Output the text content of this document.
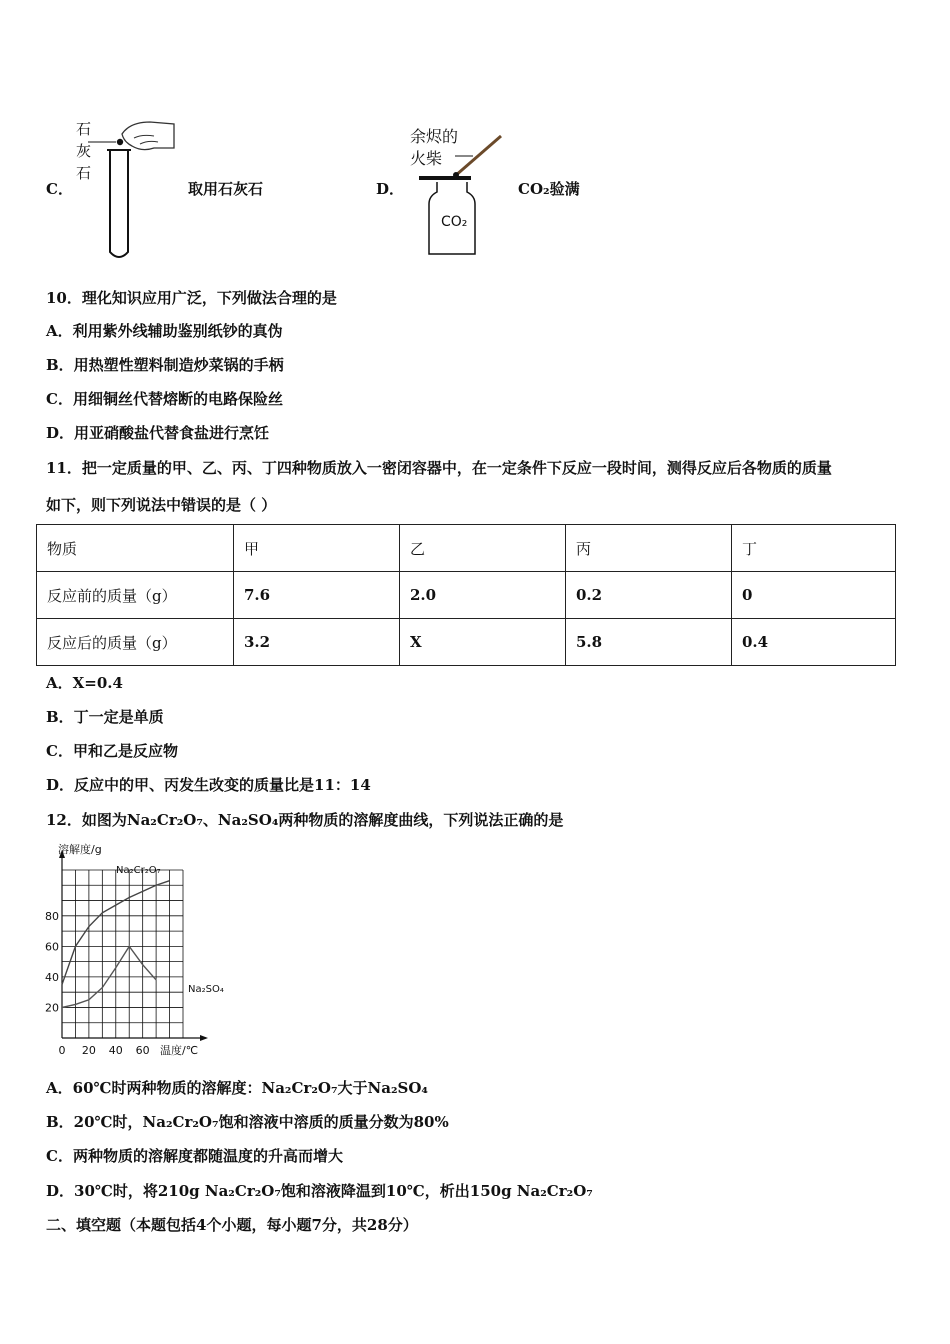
C．
石
灰
石
取用石灰石	D．
余烬的
火柴
CO₂
CO₂验满
10．理化知识应用广泛，下列做法合理的是
A．利用紫外线辅助鉴别纸钞的真伪
B．用热塑性塑料制造炒菜锅的手柄
C．用细铜丝代替熔断的电路保险丝
D．用亚硝酸盐代替食盐进行烹饪
11．把一定质量的甲、乙、丙、丁四种物质放入一密闭容器中，在一定条件下反应一段时间，测得反应后各物质的质量
如下，则下列说法中错误的是（ ）
物质	甲	乙	丙	丁
反应前的质量（g）	7.6	2.0	0.2	0
反应后的质量（g）	3.2	X	5.8	0.4
A．X=0.4
B．丁一定是单质
C．甲和乙是反应物
D．反应中的甲、丙发生改变的质量比是11：14
12．如图为Na₂Cr₂O₇、Na₂SO₄两种物质的溶解度曲线，下列说法正确的是
0 20 40 60
20
40
60
80
溶解度/g
温度/℃
Na₂Cr₂O₇
Na₂SO₄
A．60℃时两种物质的溶解度：Na₂Cr₂O₇大于Na₂SO₄
B．20℃时，Na₂Cr₂O₇饱和溶液中溶质的质量分数为80%
C．两种物质的溶解度都随温度的升高而增大
D．30℃时，将210g Na₂Cr₂O₇饱和溶液降温到10℃，析出150g Na₂Cr₂O₇
二、填空题（本题包括4个小题，每小题7分，共28分）
